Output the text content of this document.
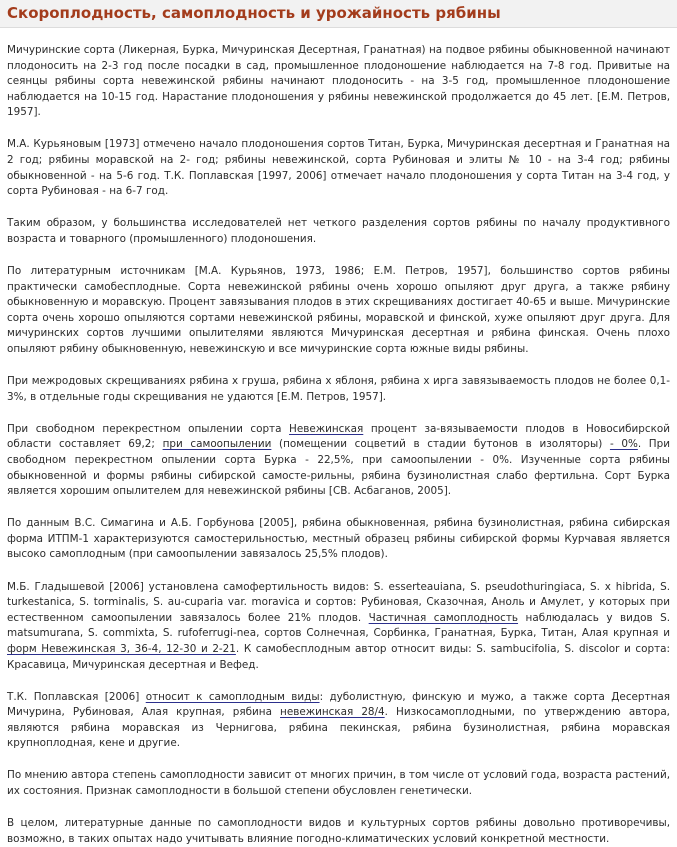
Скороплодность, самоплодность и урожайность рябины

Мичуринские сорта (Ликерная, Бурка, Мичуринская Десертная, Гранатная) на подвое рябины обыкновенной начинают плодоносить на 2-3 год после посадки в сад, промышленное плодоношение наблюдается на 7-8 год. Привитые на сеянцы рябины сорта невежинской рябины начинают плодоносить - на 3-5 год, промышленное плодоношение наблюдается на 10-15 год. Нарастание плодоношения у рябины невежинской продолжается до 45 лет. [Е.М. Петров, 1957].

М.А. Курьяновым [1973] отмечено начало плодоношения сортов Титан, Бурка, Мичуринская десертная и Гранатная на 2 год; рябины моравской на 2- год; рябины невежинской, сорта Рубиновая и элиты № 10 - на 3-4 год; рябины обыкновенной - на 5-6 год. Т.К. Поплавская [1997, 2006] отмечает начало плодоношения у сорта Титан на 3-4 год, у сорта Рубиновая - на 6-7 год.

Таким образом, у большинства исследователей нет четкого разделения сортов рябины по началу продуктивного возраста и товарного (промышленного) плодоношения.

По литературным источникам [М.А. Курьянов, 1973, 1986; Е.М. Петров, 1957], большинство сортов рябины практически самобесплодные. Сорта невежинской рябины очень хорошо опыляют друг друга, а также рябину обыкновенную и моравскую. Процент завязывания плодов в этих скрещиваниях достигает 40-65 и выше. Мичуринские сорта очень хорошо опыляются сортами невежинской рябины, моравской и финской, хуже опыляют друг друга. Для мичуринских сортов лучшими опылителями являются Мичуринская десертная и рябина финская. Очень плохо опыляют рябину обыкновенную, невежинскую и все мичуринские сорта южные виды рябины.

При межродовых скрещиваниях рябина х груша, рябина х яблоня, рябина х ирга завязываемость плодов не более 0,1-3%, в отдельные годы скрещивания не удаются [Е.М. Петров, 1957].

При свободном перекрестном опылении сорта Невежинская процент за-вязываемости плодов в Новосибирской области составляет 69,2; при самоопылении (помещении соцветий в стадии бутонов в изоляторы) - 0%. При свободном перекрестном опылении сорта Бурка - 22,5%, при самоопылении - 0%. Изученные сорта рябины обыкновенной и формы рябины сибирской самосте-рильны, рябина бузинолистная слабо фертильна. Сорт Бурка является хорошим опылителем для невежинской рябины [СВ. Асбаганов, 2005].

По данным В.С. Симагина и А.Б. Горбунова [2005], рябина обыкновенная, рябина бузинолистная, рябина сибирская форма ИТПМ-1 характеризуются самостерильностью, местный образец рябины сибирской формы Курчавая является высоко самоплодным (при самоопылении завязалось 25,5% плодов).

М.Б. Гладышевой [2006] установлена самофертильность видов: S. esserteauiana, S. pseudothuringiacа, S. x hibrida, S. turkestanica, S. torminalis, S. au-cuparia var. moravica и сортов: Рубиновая, Сказочная, Аноль и Амулет, у которых при естественном самоопылении завязалось более 21% плодов. Частичная самоплодность наблюдалась у видов S. matsumurana, S. commixta, S. rufoferrugi-nea, сортов Солнечная, Сорбинка, Гранатная, Бурка, Титан, Алая крупная и форм Невежинская 3, 36-4, 12-30 и 2-21. К самобесплодным автор относит виды: S. sambucifolia, S. discolor и сорта: Красавица, Мичуринская десертная и Вефед.

Т.К. Поплавская [2006] относит к самоплодным виды: дуболистную, финскую и мужо, а также сорта Десертная Мичурина, Рубиновая, Алая крупная, рябина невежинская 28/4. Низкосамоплодными, по утверждению автора, являются рябина моравская из Чернигова, рябина пекинская, рябина бузинолистная, рябина моравская крупноплодная, кене и другие.

По мнению автора степень самоплодности зависит от многих причин, в том числе от условий года, возраста растений, их состояния. Признак самоплодности в большой степени обусловлен генетически.

В целом, литературные данные по самоплодности видов и культурных сортов рябины довольно противоречивы, возможно, в таких опытах надо учитывать влияние погодно-климатических условий конкретной местности.
